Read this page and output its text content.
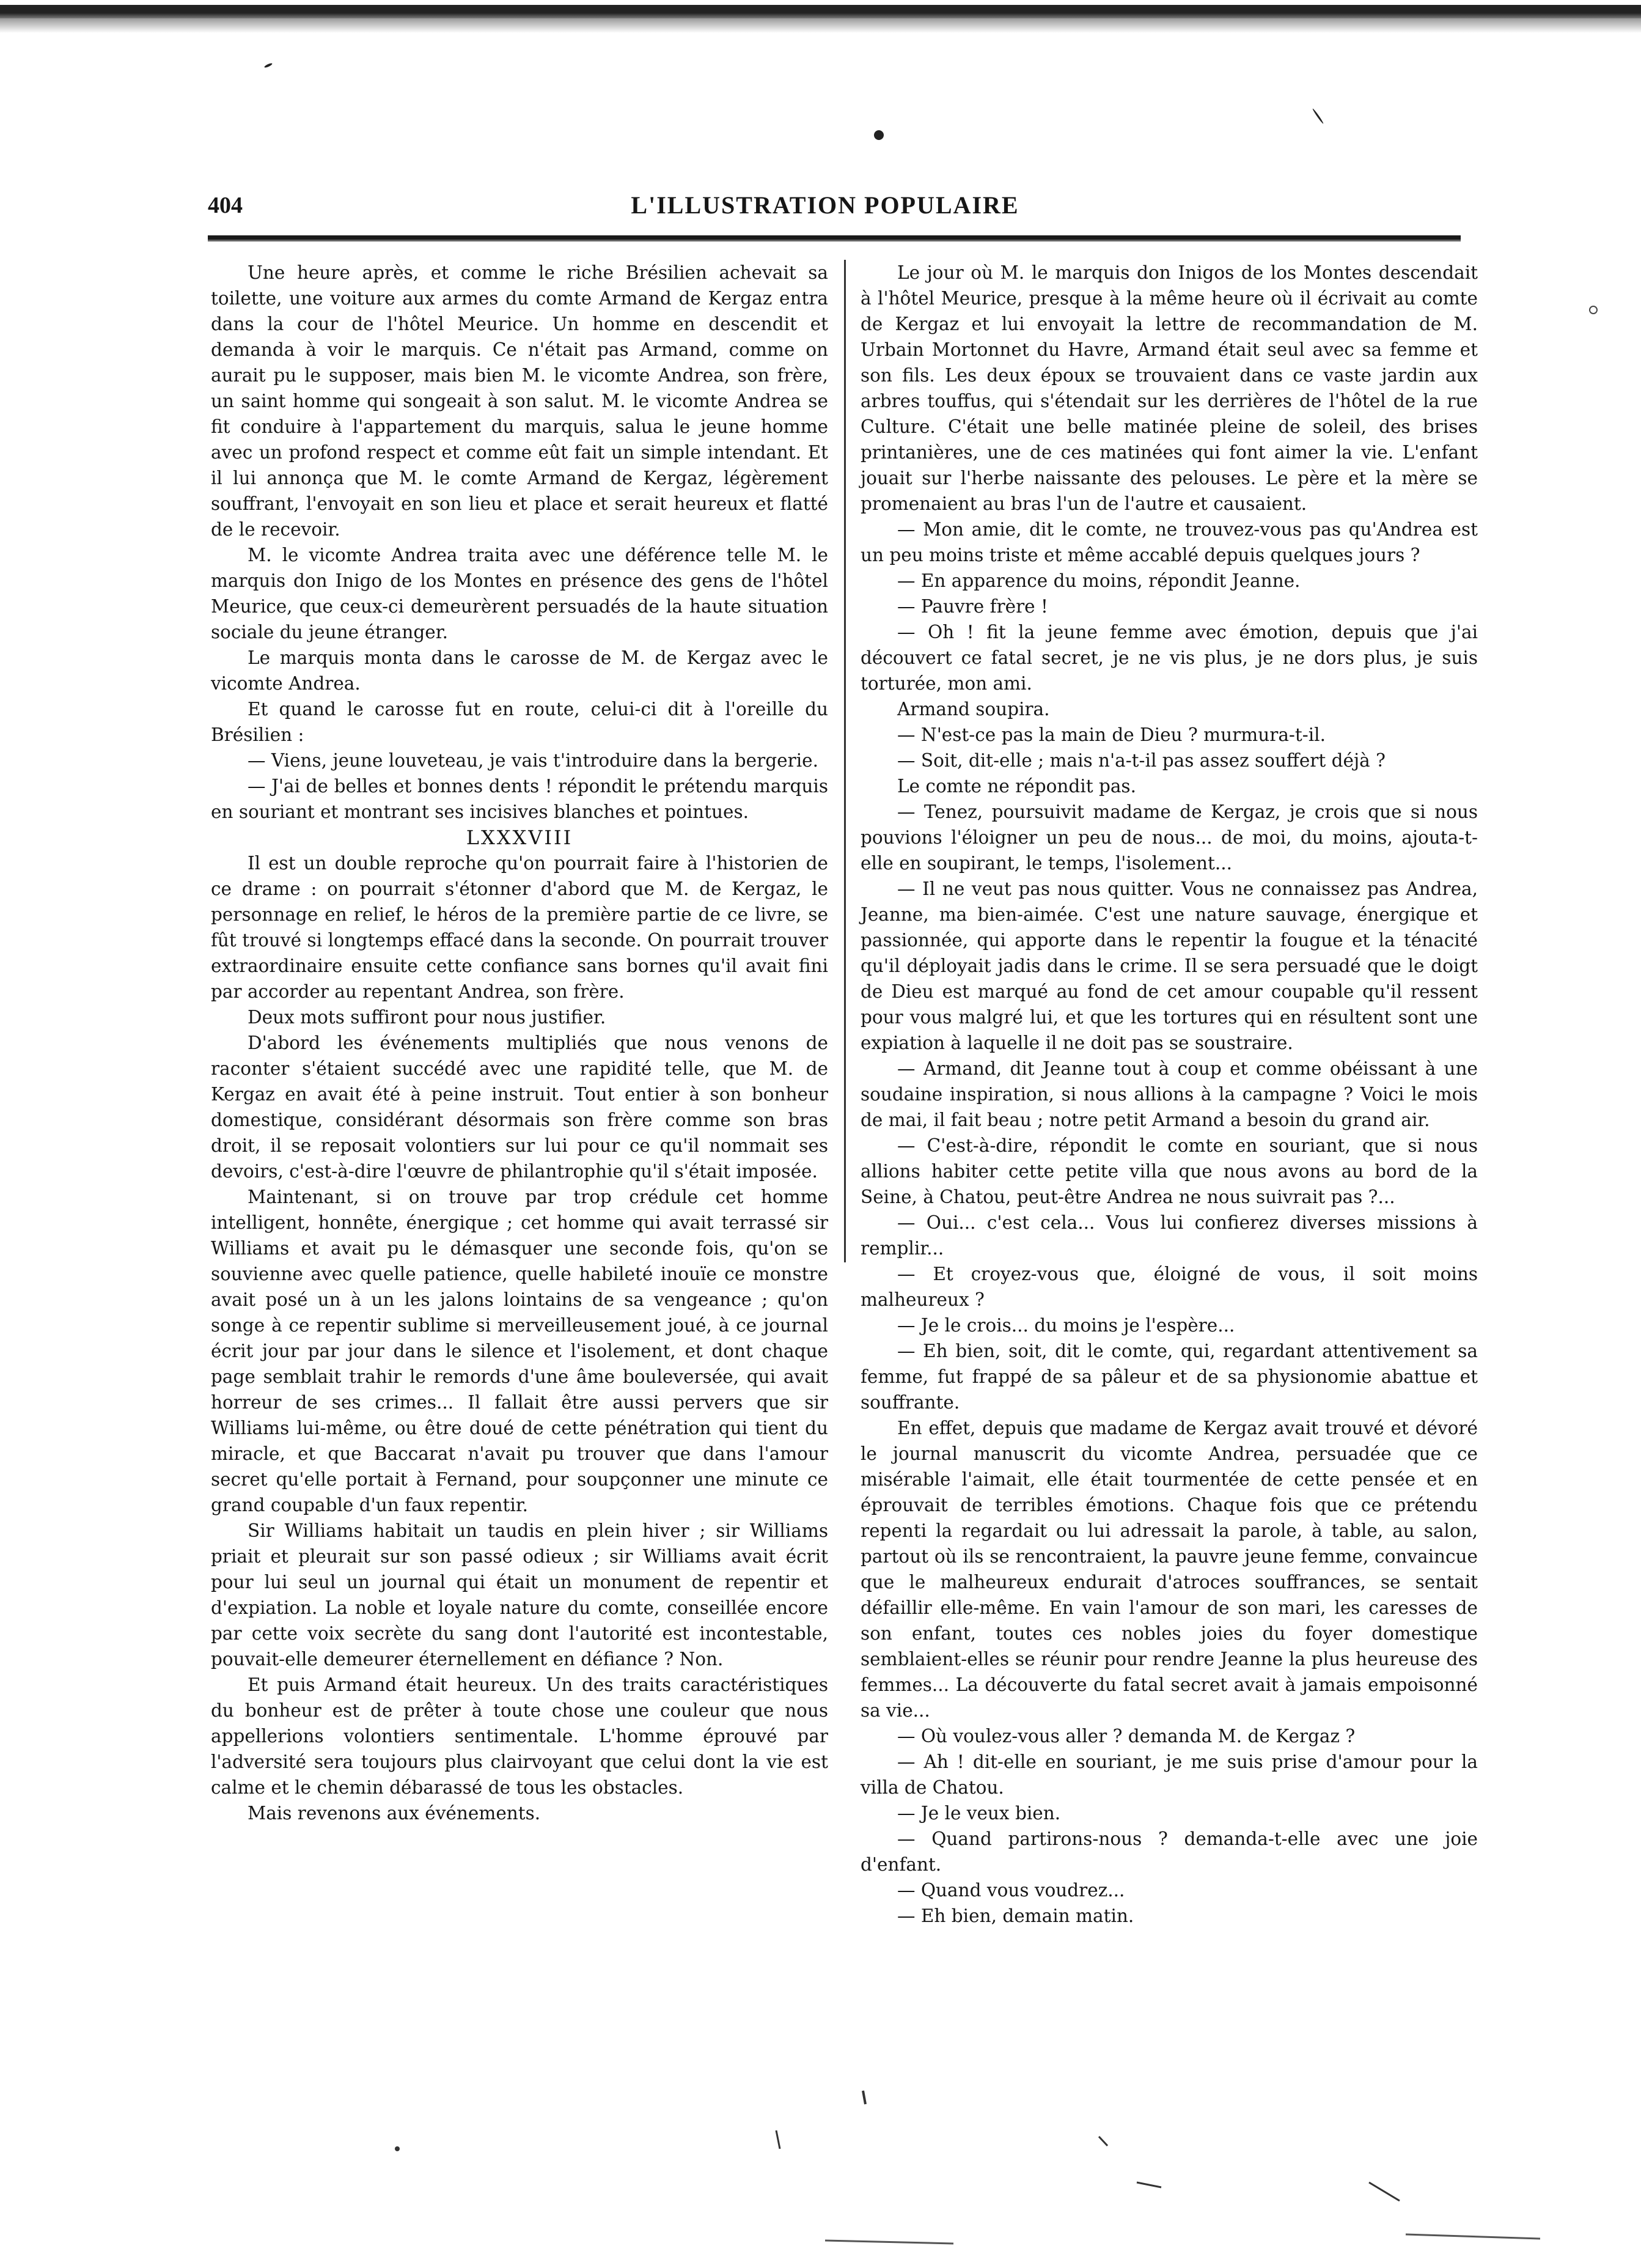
404	L'ILLUSTRATION POPULAIRE

Une heure après, et comme le riche Brésilien achevait sa toilette, une voiture aux armes du comte Armand de Kergaz entra dans la cour de l'hôtel Meurice. Un homme en descendit et demanda à voir le marquis. Ce n'était pas Armand, comme on aurait pu le supposer, mais bien M. le vicomte Andrea, son frère, un saint homme qui songeait à son salut. M. le vicomte Andrea se fit conduire à l'appartement du marquis, salua le jeune homme avec un profond respect et comme eût fait un simple intendant. Et il lui annonça que M. le comte Armand de Kergaz, légèrement souffrant, l'envoyait en son lieu et place et serait heureux et flatté de le recevoir.

M. le vicomte Andrea traita avec une déférence telle M. le marquis don Inigo de los Montes en présence des gens de l'hôtel Meurice, que ceux-ci demeurèrent persuadés de la haute situation sociale du jeune étranger.

Le marquis monta dans le carosse de M. de Kergaz avec le vicomte Andrea.

Et quand le carosse fut en route, celui-ci dit à l'oreille du Brésilien :

— Viens, jeune louveteau, je vais t'introduire dans la bergerie.

— J'ai de belles et bonnes dents ! répondit le prétendu marquis en souriant et montrant ses incisives blanches et pointues.

LXXXVIII

Il est un double reproche qu'on pourrait faire à l'historien de ce drame : on pourrait s'étonner d'abord que M. de Kergaz, le personnage en relief, le héros de la première partie de ce livre, se fût trouvé si longtemps effacé dans la seconde. On pourrait trouver extraordinaire ensuite cette confiance sans bornes qu'il avait fini par accorder au repentant Andrea, son frère.

Deux mots suffiront pour nous justifier.

D'abord les événements multipliés que nous venons de raconter s'étaient succédé avec une rapidité telle, que M. de Kergaz en avait été à peine instruit. Tout entier à son bonheur domestique, considérant désormais son frère comme son bras droit, il se reposait volontiers sur lui pour ce qu'il nommait ses devoirs, c'est-à-dire l'œuvre de philantrophie qu'il s'était imposée.

Maintenant, si on trouve par trop crédule cet homme intelligent, honnête, énergique ; cet homme qui avait terrassé sir Williams et avait pu le démasquer une seconde fois, qu'on se souvienne avec quelle patience, quelle habileté inouïe ce monstre avait posé un à un les jalons lointains de sa vengeance ; qu'on songe à ce repentir sublime si merveilleusement joué, à ce journal écrit jour par jour dans le silence et l'isolement, et dont chaque page semblait trahir le remords d'une âme bouleversée, qui avait horreur de ses crimes... Il fallait être aussi pervers que sir Williams lui-même, ou être doué de cette pénétration qui tient du miracle, et que Baccarat n'avait pu trouver que dans l'amour secret qu'elle portait à Fernand, pour soupçonner une minute ce grand coupable d'un faux repentir.

Sir Williams habitait un taudis en plein hiver ; sir Williams priait et pleurait sur son passé odieux ; sir Williams avait écrit pour lui seul un journal qui était un monument de repentir et d'expiation. La noble et loyale nature du comte, conseillée encore par cette voix secrète du sang dont l'autorité est incontestable, pouvait-elle demeurer éternellement en défiance ? Non.

Et puis Armand était heureux. Un des traits caractéristiques du bonheur est de prêter à toute chose une couleur que nous appellerions volontiers sentimentale. L'homme éprouvé par l'adversité sera toujours plus clairvoyant que celui dont la vie est calme et le chemin débarassé de tous les obstacles.

Mais revenons aux événements.

Le jour où M. le marquis don Inigos de los Montes descendait à l'hôtel Meurice, presque à la même heure où il écrivait au comte de Kergaz et lui envoyait la lettre de recommandation de M. Urbain Mortonnet du Havre, Armand était seul avec sa femme et son fils. Les deux époux se trouvaient dans ce vaste jardin aux arbres touffus, qui s'étendait sur les derrières de l'hôtel de la rue Culture. C'était une belle matinée pleine de soleil, des brises printanières, une de ces matinées qui font aimer la vie. L'enfant jouait sur l'herbe naissante des pelouses. Le père et la mère se promenaient au bras l'un de l'autre et causaient.

— Mon amie, dit le comte, ne trouvez-vous pas qu'Andrea est un peu moins triste et même accablé depuis quelques jours ?

— En apparence du moins, répondit Jeanne.

— Pauvre frère !

— Oh ! fit la jeune femme avec émotion, depuis que j'ai découvert ce fatal secret, je ne vis plus, je ne dors plus, je suis torturée, mon ami.

Armand soupira.

— N'est-ce pas la main de Dieu ? murmura-t-il.

— Soit, dit-elle ; mais n'a-t-il pas assez souffert déjà ?

Le comte ne répondit pas.

— Tenez, poursuivit madame de Kergaz, je crois que si nous pouvions l'éloigner un peu de nous... de moi, du moins, ajouta-t-elle en soupirant, le temps, l'isolement...

— Il ne veut pas nous quitter. Vous ne connaissez pas Andrea, Jeanne, ma bien-aimée. C'est une nature sauvage, énergique et passionnée, qui apporte dans le repentir la fougue et la ténacité qu'il déployait jadis dans le crime. Il se sera persuadé que le doigt de Dieu est marqué au fond de cet amour coupable qu'il ressent pour vous malgré lui, et que les tortures qui en résultent sont une expiation à laquelle il ne doit pas se soustraire.

— Armand, dit Jeanne tout à coup et comme obéissant à une soudaine inspiration, si nous allions à la campagne ? Voici le mois de mai, il fait beau ; notre petit Armand a besoin du grand air.

— C'est-à-dire, répondit le comte en souriant, que si nous allions habiter cette petite villa que nous avons au bord de la Seine, à Chatou, peut-être Andrea ne nous suivrait pas ?...

— Oui... c'est cela... Vous lui confierez diverses missions à remplir...

— Et croyez-vous que, éloigné de vous, il soit moins malheureux ?

— Je le crois... du moins je l'espère...

— Eh bien, soit, dit le comte, qui, regardant attentivement sa femme, fut frappé de sa pâleur et de sa physionomie abattue et souffrante.

En effet, depuis que madame de Kergaz avait trouvé et dévoré le journal manuscrit du vicomte Andrea, persuadée que ce misérable l'aimait, elle était tourmentée de cette pensée et en éprouvait de terribles émotions. Chaque fois que ce prétendu repenti la regardait ou lui adressait la parole, à table, au salon, partout où ils se rencontraient, la pauvre jeune femme, convaincue que le malheureux endurait d'atroces souffrances, se sentait défaillir elle-même. En vain l'amour de son mari, les caresses de son enfant, toutes ces nobles joies du foyer domestique semblaient-elles se réunir pour rendre Jeanne la plus heureuse des femmes... La découverte du fatal secret avait à jamais empoisonné sa vie...

— Où voulez-vous aller ? demanda M. de Kergaz ?

— Ah ! dit-elle en souriant, je me suis prise d'amour pour la villa de Chatou.

— Je le veux bien.

— Quand partirons-nous ? demanda-t-elle avec une joie d'enfant.

— Quand vous voudrez...

— Eh bien, demain matin.
